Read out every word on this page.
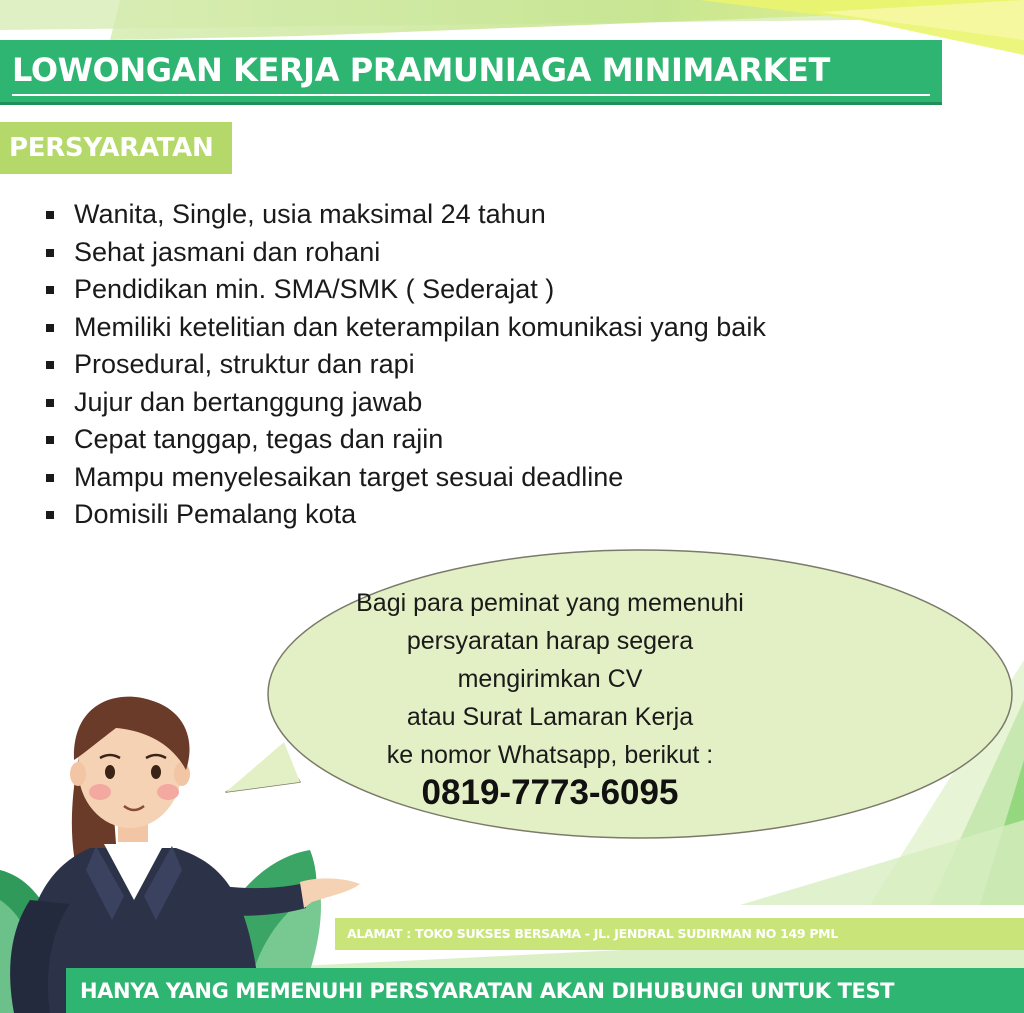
LOWONGAN KERJA PRAMUNIAGA MINIMARKET
PERSYARATAN
Wanita, Single, usia maksimal 24 tahun
Sehat jasmani dan rohani
Pendidikan min. SMA/SMK ( Sederajat )
Memiliki ketelitian dan keterampilan komunikasi yang baik
Prosedural, struktur dan rapi
Jujur dan bertanggung jawab
Cepat tanggap, tegas dan rajin
Mampu menyelesaikan target sesuai deadline
Domisili Pemalang kota
Bagi para peminat yang memenuhi
persyaratan harap segera
mengirimkan CV
atau Surat Lamaran Kerja
ke nomor Whatsapp, berikut :
0819-7773-6095
ALAMAT : TOKO SUKSES BERSAMA - JL. JENDRAL SUDIRMAN NO 149 PML
HANYA YANG MEMENUHI PERSYARATAN AKAN DIHUBUNGI UNTUK TEST
